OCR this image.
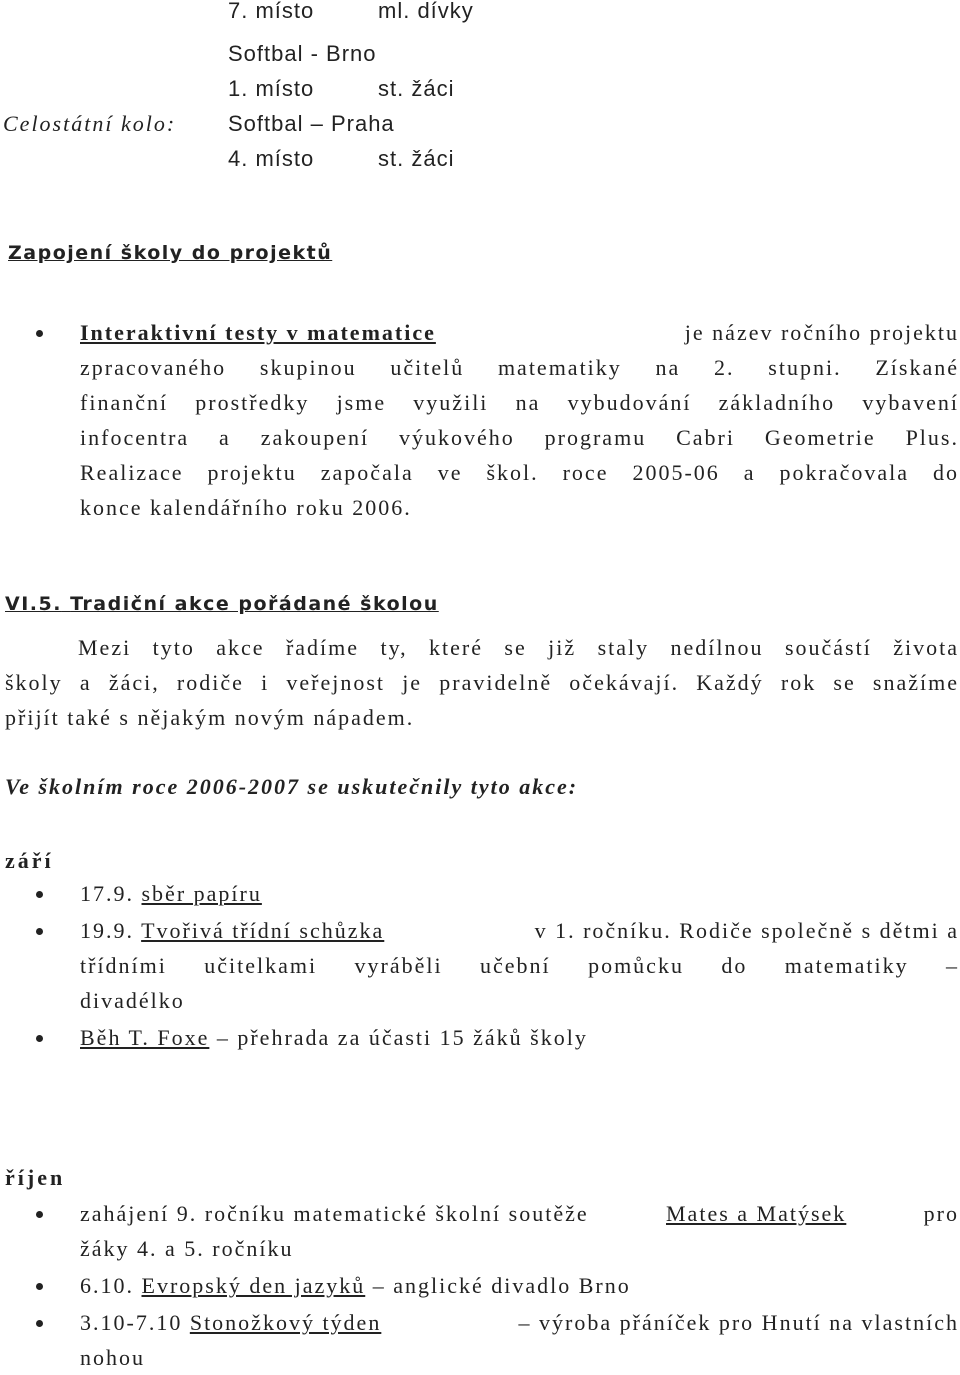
7. místo	ml. dívky
Softbal - Brno
1. místo	st. žáci
Celostátní kolo: Softbal – Praha
4. místo	st. žáci
Zapojení školy do projektů
Interaktivní testy v matematice	je název ročního projektu
zpracovaného skupinou učitelů matematiky na 2. stupni. Získané
finanční prostředky jsme využili na vybudování základního vybavení
infocentra a zakoupení výukového programu Cabri Geometrie Plus.
Realizace projektu započala ve škol. roce 2005-06 a pokračovala do
konce kalendářního roku 2006.
VI.5. Tradiční akce pořádané školou
Mezi tyto akce řadíme ty, které se již staly nedílnou součástí života
školy a žáci, rodiče i veřejnost je pravidelně očekávají. Každý rok se snažíme
přijít také s nějakým novým nápadem.
Ve školním roce 2006-2007 se uskutečnily tyto akce:
září
17.9. sběr papíru
19.9. Tvořivá třídní schůzka	v 1. ročníku. Rodiče společně s dětmi a
třídními učitelkami vyráběli učební pomůcku do matematiky –
divadélko
Běh T. Foxe – přehrada za účasti 15 žáků školy
říjen
zahájení 9. ročníku matematické školní soutěže	Mates a Matýsek	pro
žáky 4. a 5. ročníku
6.10. Evropský den jazyků – anglické divadlo Brno
3.10-7.10 Stonožkový týden	– výroba přáníček pro Hnutí na vlastních
nohou
